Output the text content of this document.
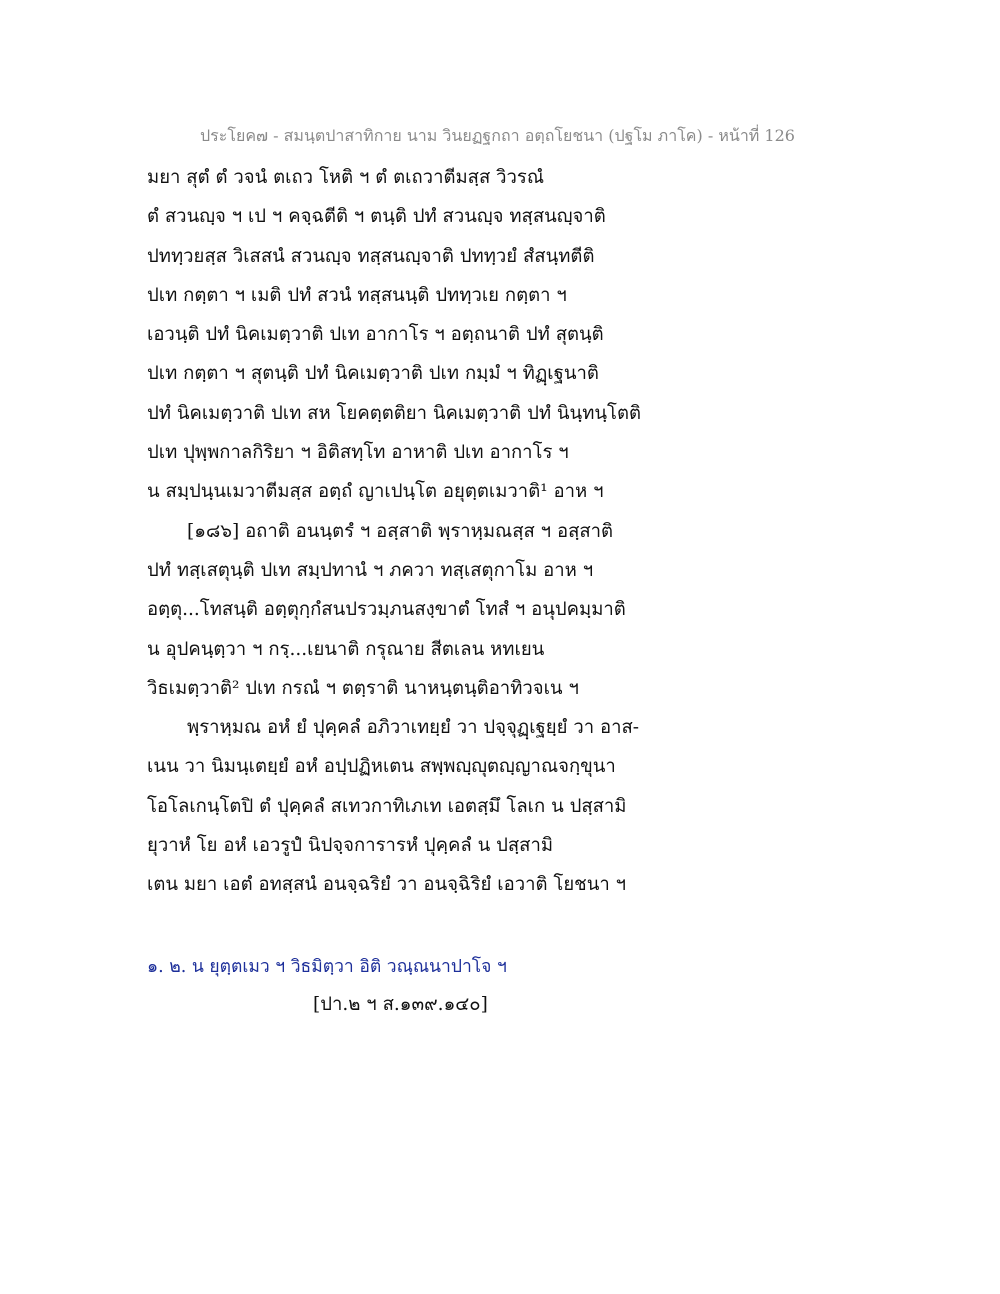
ประโยค๗ - สมนฺตปาสาทิกาย นาม วินยฏฐกถา อตฺถโยชนา (ปฐโม ภาโค) - หน้าที่ 126
มยา สุตํ ตํ วจนํ ตเถว โหติ ฯ ตํ ตเถวาตีมสฺส วิวรณํ
ตํ สวนญฺจ ฯ เป ฯ คจฺฉตีติ ฯ ตนฺติ ปทํ สวนญฺจ ทสฺสนญฺจาติ
ปททฺวยสฺส วิเสสนํ สวนญฺจ ทสฺสนญฺจาติ ปททฺวยํ สํสนฺทตีติ
ปเท กตฺตา ฯ เมติ ปทํ สวนํ ทสฺสนนฺติ ปททฺวเย กตฺตา ฯ
เอวนฺติ ปทํ นิคเมตฺวาติ ปเท อากาโร ฯ อตฺถนาติ ปทํ สุตนฺติ
ปเท กตฺตา ฯ สุตนฺติ ปทํ นิคเมตฺวาติ ปเท กมฺมํ ฯ ทิฏฺเฐนาติ
ปทํ นิคเมตฺวาติ ปเท สห โยคตฺตติยา นิคเมตฺวาติ ปทํ นินฺทนฺโตติ
ปเท ปุพฺพกาลกิริยา ฯ อิติสทฺโท อาหาติ ปเท อากาโร ฯ
น สมฺปนฺนเมวาตีมสฺส อตฺถํ ญาเปนฺโต อยุตฺตเมวาติ¹ อาห ฯ
[๑๘๖] อถาติ อนนฺตรํ ฯ อสฺสาติ พฺราหฺมณสฺส ฯ อสฺสาติ
ปทํ ทสฺเสตุนฺติ ปเท สมฺปทานํ ฯ ภควา ทสฺเสตุกาโม อาห ฯ
อตฺตุ...โทสนฺติ อตฺตุกฺกํสนปรวมฺภนสงฺขาตํ โทสํ ฯ อนุปคมฺมาติ
น อุปคนฺตฺวา ฯ กรฺ...เยนาติ กรุณาย สีตเลน หทเยน
วิธเมตฺวาติ² ปเท กรณํ ฯ ตตฺราติ นาหนฺตนฺติอาทิวจเน ฯ
พฺราหฺมณ อหํ ยํ ปุคฺคลํ อภิวาเทยฺยํ วา ปจฺจุฏฺเฐยฺยํ วา อาส-
เนน วา นิมนฺเตยฺยํ อหํ อปฺปฏิหเตน สพฺพญฺญุตญฺญาณจกฺขุนา
โอโลเกนฺโตปิ ตํ ปุคฺคลํ สเทวกาทิเภเท เอตสฺมึ โลเก น ปสฺสามิ
ยุวาหํ โย อหํ เอวรูปํ นิปจฺจการารหํ ปุคฺคลํ น ปสฺสามิ
เตน มยา เอตํ อทสฺสนํ อนจฺฉริยํ วา อนจฺฉิริยํ เอวาติ โยชนา ฯ
๑. ๒. น ยุตฺตเมว ฯ วิธมิตฺวา อิติ วณฺณนาปาโจ ฯ
[ปา.๒ ฯ ส.๑๓๙.๑๔๐]
